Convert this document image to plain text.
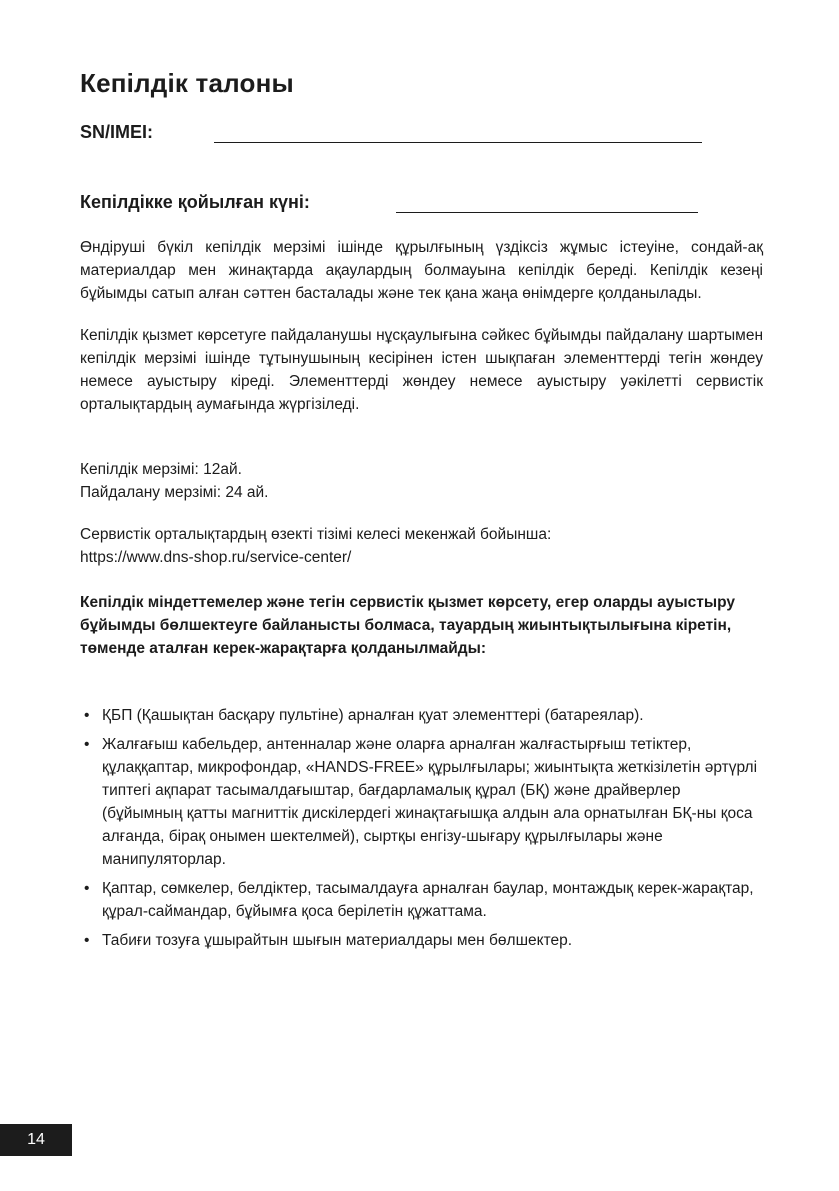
Кепілдік талоны
SN/IMEI:
Кепілдікке қойылған күні:

Өндіруші бүкіл кепілдік мерзімі ішінде құрылғының үздіксіз жұмыс істеуіне, сондай-ақ материалдар мен жинақтарда ақаулардың болмауына кепілдік береді. Кепілдік кезеңі бұйымды сатып алған сәттен басталады және тек қана жаңа өнімдерге қолданылады.

Кепілдік қызмет көрсетуге пайдаланушы нұсқаулығына сәйкес бұйымды пайдалану шартымен кепілдік мерзімі ішінде тұтынушының кесірінен істен шықпаған элементтерді тегін жөндеу немесе ауыстыру кіреді. Элементтерді жөндеу немесе ауыстыру уәкілетті сервистік орталықтардың аумағында жүргізіледі.

Кепілдік мерзімі: 12ай.

Пайдалану мерзімі: 24 ай.

Сервистік орталықтардың өзекті тізімі келесі мекенжай бойынша:

https://www.dns-shop.ru/service-center/

Кепілдік міндеттемелер және тегін сервистік қызмет көрсету, егер оларды ауыстыру бұйымды бөлшектеуге байланысты болмаса, тауардың жиынтықтылығына кіретін, төменде аталған керек-жарақтарға қолданылмайды:

• ҚБП (Қашықтан басқару пультіне) арналған қуат элементтері (батареялар).
• Жалғағыш кабельдер, антенналар және оларға арналған жалғастырғыш тетіктер, құлаққаптар, микрофондар, «HANDS-FREE» құрылғылары; жиынтықта жеткізілетін әртүрлі типтегі ақпарат тасымалдағыштар, бағдарламалық құрал (БҚ) және драйверлер (бұйымның қатты магниттік дискілердегі жинақтағышқа алдын ала орнатылған БҚ-ны қоса алғанда, бірақ онымен шектелмей), сыртқы енгізу-шығару құрылғылары және манипуляторлар.
• Қаптар, сөмкелер, белдіктер, тасымалдауға арналған баулар, монтаждық керек-жарақтар, құрал-саймандар, бұйымға қоса берілетін құжаттама.
• Табиғи тозуға ұшырайтын шығын материалдары мен бөлшектер.
14
